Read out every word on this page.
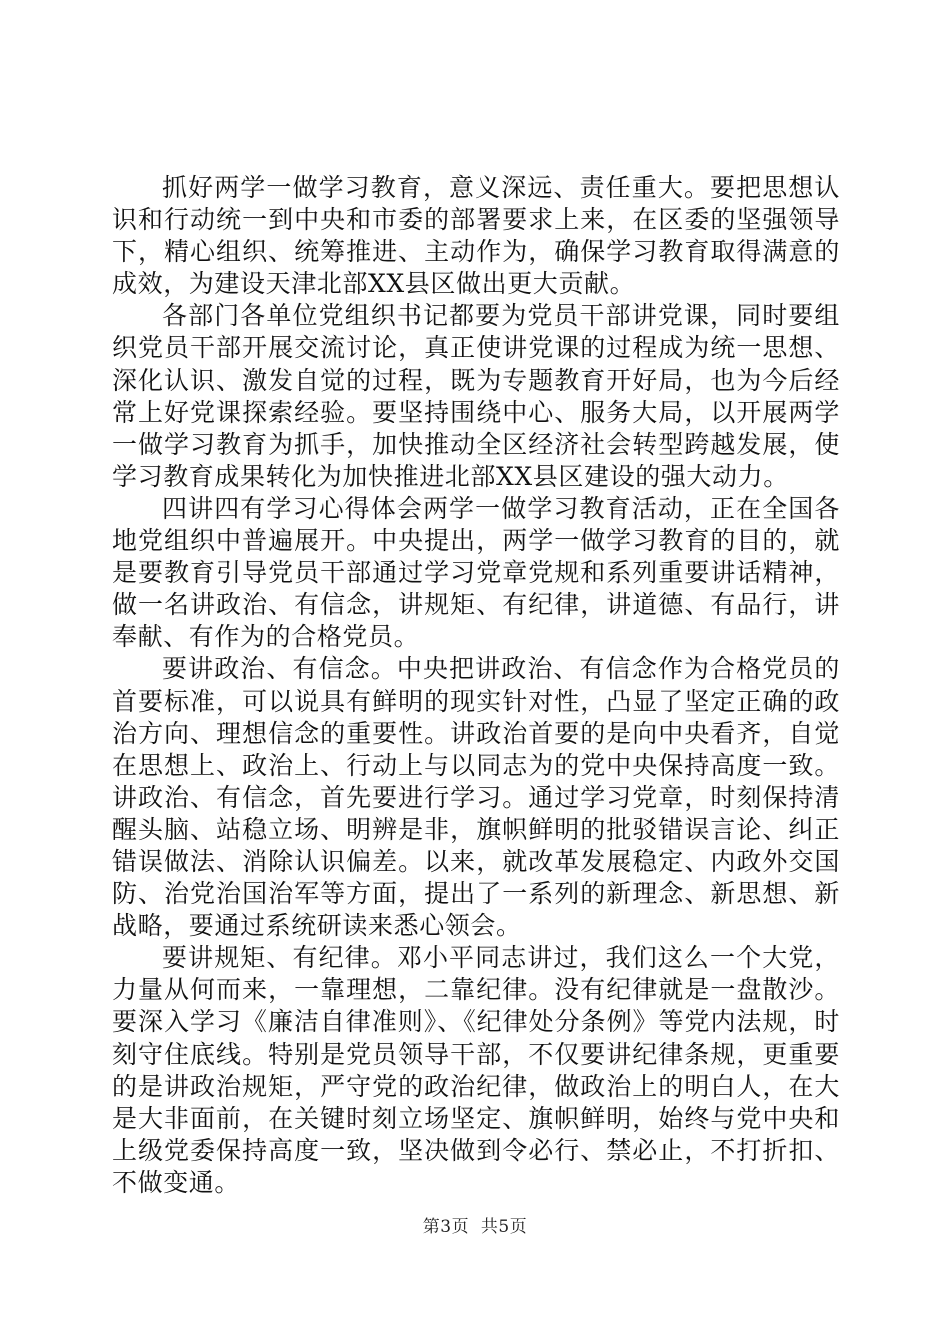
抓好两学一做学习教育，意义深远、责任重大。要把思想认识和行动统一到中央和市委的部署要求上来，在区委的坚强领导下，精心组织、统筹推进、主动作为，确保学习教育取得满意的成效，为建设天津北部XX县区做出更大贡献。

各部门各单位党组织书记都要为党员干部讲党课，同时要组织党员干部开展交流讨论，真正使讲党课的过程成为统一思想、深化认识、激发自觉的过程，既为专题教育开好局，也为今后经常上好党课探索经验。要坚持围绕中心、服务大局，以开展两学一做学习教育为抓手，加快推动全区经济社会转型跨越发展，使学习教育成果转化为加快推进北部XX县区建设的强大动力。

四讲四有学习心得体会两学一做学习教育活动，正在全国各地党组织中普遍展开。中央提出，两学一做学习教育的目的，就是要教育引导党员干部通过学习党章党规和系列重要讲话精神，做一名讲政治、有信念，讲规矩、有纪律，讲道德、有品行，讲奉献、有作为的合格党员。

要讲政治、有信念。中央把讲政治、有信念作为合格党员的首要标准，可以说具有鲜明的现实针对性，凸显了坚定正确的政治方向、理想信念的重要性。讲政治首要的是向中央看齐，自觉在思想上、政治上、行动上与以同志为的党中央保持高度一致。讲政治、有信念，首先要进行学习。通过学习党章，时刻保持清醒头脑、站稳立场、明辨是非，旗帜鲜明的批驳错误言论、纠正错误做法、消除认识偏差。以来，就改革发展稳定、内政外交国防、治党治国治军等方面，提出了一系列的新理念、新思想、新战略，要通过系统研读来悉心领会。

要讲规矩、有纪律。邓小平同志讲过，我们这么一个大党，力量从何而来，一靠理想，二靠纪律。没有纪律就是一盘散沙。要深入学习《廉洁自律准则》、《纪律处分条例》等党内法规，时刻守住底线。特别是党员领导干部，不仅要讲纪律条规，更重要的是讲政治规矩，严守党的政治纪律，做政治上的明白人，在大是大非面前，在关键时刻立场坚定、旗帜鲜明，始终与党中央和上级党委保持高度一致，坚决做到令必行、禁必止，不打折扣、不做变通。

第3页 共5页
